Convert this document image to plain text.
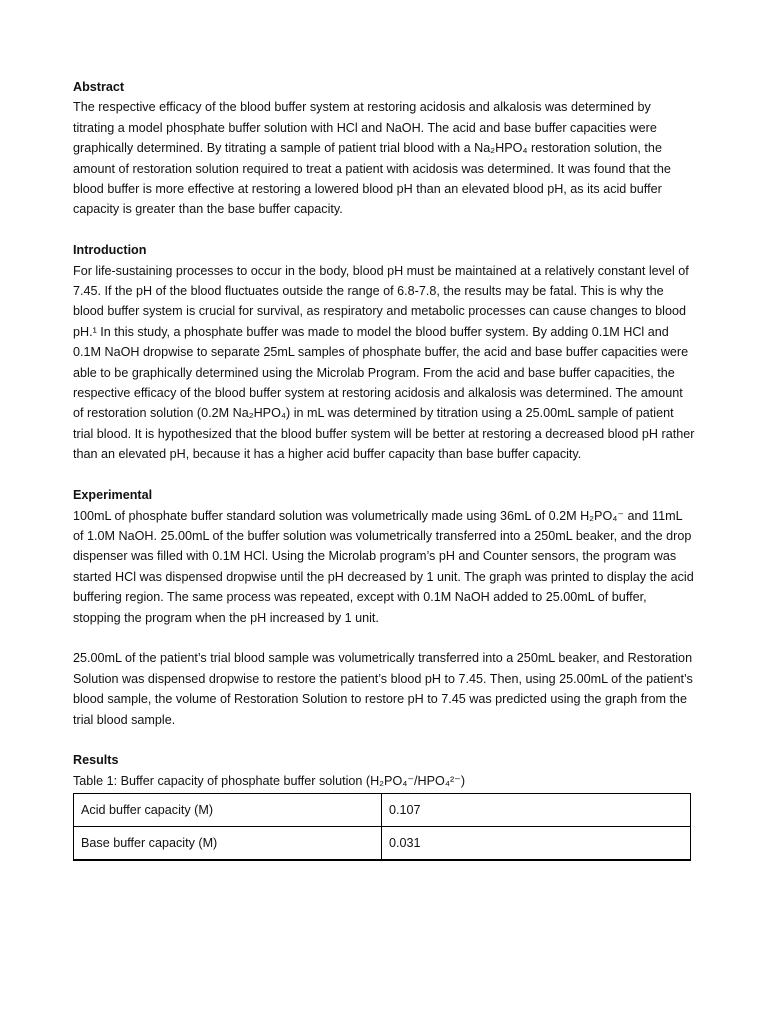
Abstract

The respective efficacy of the blood buffer system at restoring acidosis and alkalosis was determined by titrating a model phosphate buffer solution with HCl and NaOH. The acid and base buffer capacities were graphically determined. By titrating a sample of patient trial blood with a Na₂HPO₄ restoration solution, the amount of restoration solution required to treat a patient with acidosis was determined. It was found that the blood buffer is more effective at restoring a lowered blood pH than an elevated blood pH, as its acid buffer capacity is greater than the base buffer capacity.

Introduction

For life-sustaining processes to occur in the body, blood pH must be maintained at a relatively constant level of 7.45. If the pH of the blood fluctuates outside the range of 6.8-7.8, the results may be fatal. This is why the blood buffer system is crucial for survival, as respiratory and metabolic processes can cause changes to blood pH.¹ In this study, a phosphate buffer was made to model the blood buffer system. By adding 0.1M HCl and 0.1M NaOH dropwise to separate 25mL samples of phosphate buffer, the acid and base buffer capacities were able to be graphically determined using the Microlab Program. From the acid and base buffer capacities, the respective efficacy of the blood buffer system at restoring acidosis and alkalosis was determined. The amount of restoration solution (0.2M Na₂HPO₄) in mL was determined by titration using a 25.00mL sample of patient trial blood. It is hypothesized that the blood buffer system will be better at restoring a decreased blood pH rather than an elevated pH, because it has a higher acid buffer capacity than base buffer capacity.

Experimental

100mL of phosphate buffer standard solution was volumetrically made using 36mL of 0.2M H₂PO₄⁻ and 11mL of 1.0M NaOH. 25.00mL of the buffer solution was volumetrically transferred into a 250mL beaker, and the drop dispenser was filled with 0.1M HCl. Using the Microlab program’s pH and Counter sensors, the program was started HCl was dispensed dropwise until the pH decreased by 1 unit. The graph was printed to display the acid buffering region. The same process was repeated, except with 0.1M NaOH added to 25.00mL of buffer, stopping the program when the pH increased by 1 unit.

25.00mL of the patient’s trial blood sample was volumetrically transferred into a 250mL beaker, and Restoration Solution was dispensed dropwise to restore the patient’s blood pH to 7.45. Then, using 25.00mL of the patient’s blood sample, the volume of Restoration Solution to restore pH to 7.45 was predicted using the graph from the trial blood sample.

Results

Table 1: Buffer capacity of phosphate buffer solution (H₂PO₄⁻/HPO₄²⁻)

Acid buffer capacity (M)	0.107
Base buffer capacity (M)	0.031
